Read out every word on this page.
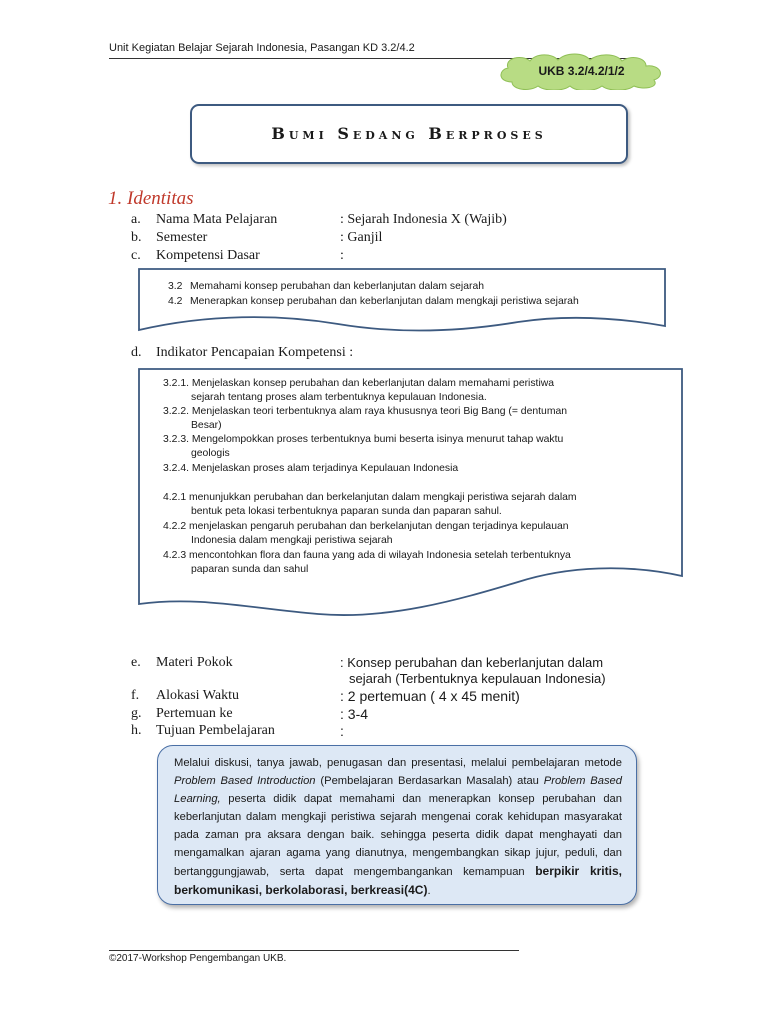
Unit Kegiatan Belajar Sejarah Indonesia, Pasangan KD 3.2/4.2
UKB 3.2/4.2/1/2
Bumi Sedang Berproses
1. Identitas
a. Nama Mata Pelajaran	: Sejarah Indonesia X (Wajib)
b. Semester	: Ganjil
c. Kompetensi Dasar	:
3.2 Memahami konsep perubahan dan keberlanjutan dalam sejarah
4.2 Menerapkan konsep perubahan dan keberlanjutan dalam mengkaji peristiwa sejarah
d. Indikator Pencapaian Kompetensi :
3.2.1. Menjelaskan konsep perubahan dan keberlanjutan dalam memahami peristiwa
sejarah tentang proses alam terbentuknya kepulauan Indonesia.
3.2.2. Menjelaskan teori terbentuknya alam raya khususnya teori Big Bang (= dentuman
Besar)
3.2.3. Mengelompokkan proses terbentuknya bumi beserta isinya menurut tahap waktu
geologis
3.2.4. Menjelaskan proses alam terjadinya Kepulauan Indonesia
4.2.1 menunjukkan perubahan dan berkelanjutan dalam mengkaji peristiwa sejarah dalam
bentuk peta lokasi terbentuknya paparan sunda dan paparan sahul.
4.2.2 menjelaskan pengaruh perubahan dan berkelanjutan dengan terjadinya kepulauan
Indonesia dalam mengkaji peristiwa sejarah
4.2.3 mencontohkan flora dan fauna yang ada di wilayah Indonesia setelah terbentuknya
paparan sunda dan sahul
e. Materi Pokok	: Konsep perubahan dan keberlanjutan dalam
sejarah (Terbentuknya kepulauan Indonesia)
f. Alokasi Waktu	: 2 pertemuan ( 4 x 45 menit)
g. Pertemuan ke	: 3-4
h. Tujuan Pembelajaran	:
Melalui diskusi, tanya jawab, penugasan dan presentasi, melalui pembelajaran metode Problem Based Introduction (Pembelajaran Berdasarkan Masalah) atau Problem Based Learning, peserta didik dapat memahami dan menerapkan konsep perubahan dan keberlanjutan dalam mengkaji peristiwa sejarah mengenai corak kehidupan masyarakat pada zaman pra aksara dengan baik. sehingga peserta didik dapat menghayati dan mengamalkan ajaran agama yang dianutnya, mengembangkan sikap jujur, peduli, dan bertanggungjawab, serta dapat mengembangankan kemampuan berpikir kritis, berkomunikasi, berkolaborasi, berkreasi(4C).
©2017-Workshop Pengembangan UKB.
